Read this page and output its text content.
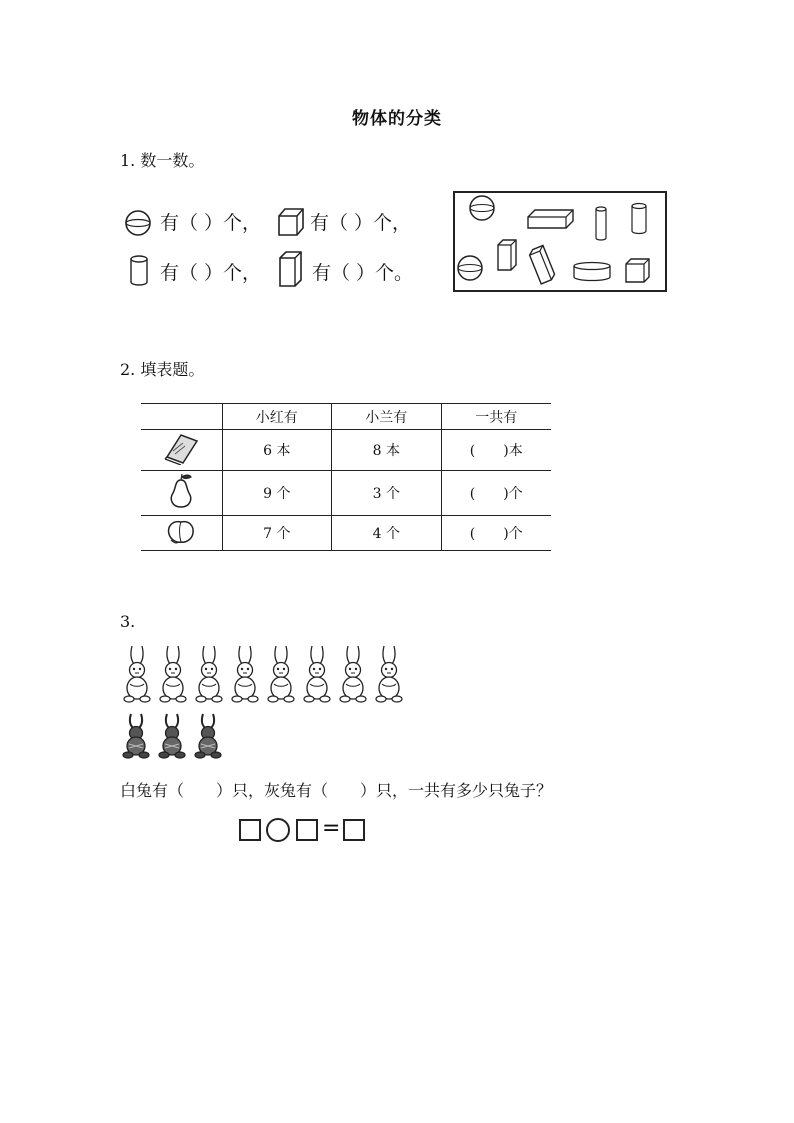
物体的分类
1. 数一数。
有（ ）个，	有（ ）个，
有（ ）个，	有（ ）个。
2. 填表题。
	小红有	小兰有	一共有
	6 本	8 本	(　　)本
	9 个	3 个	(　　)个
	7 个	4 个	(　　)个
3.
白兔有（　　）只，灰兔有（　　）只，一共有多少只兔子？
=
